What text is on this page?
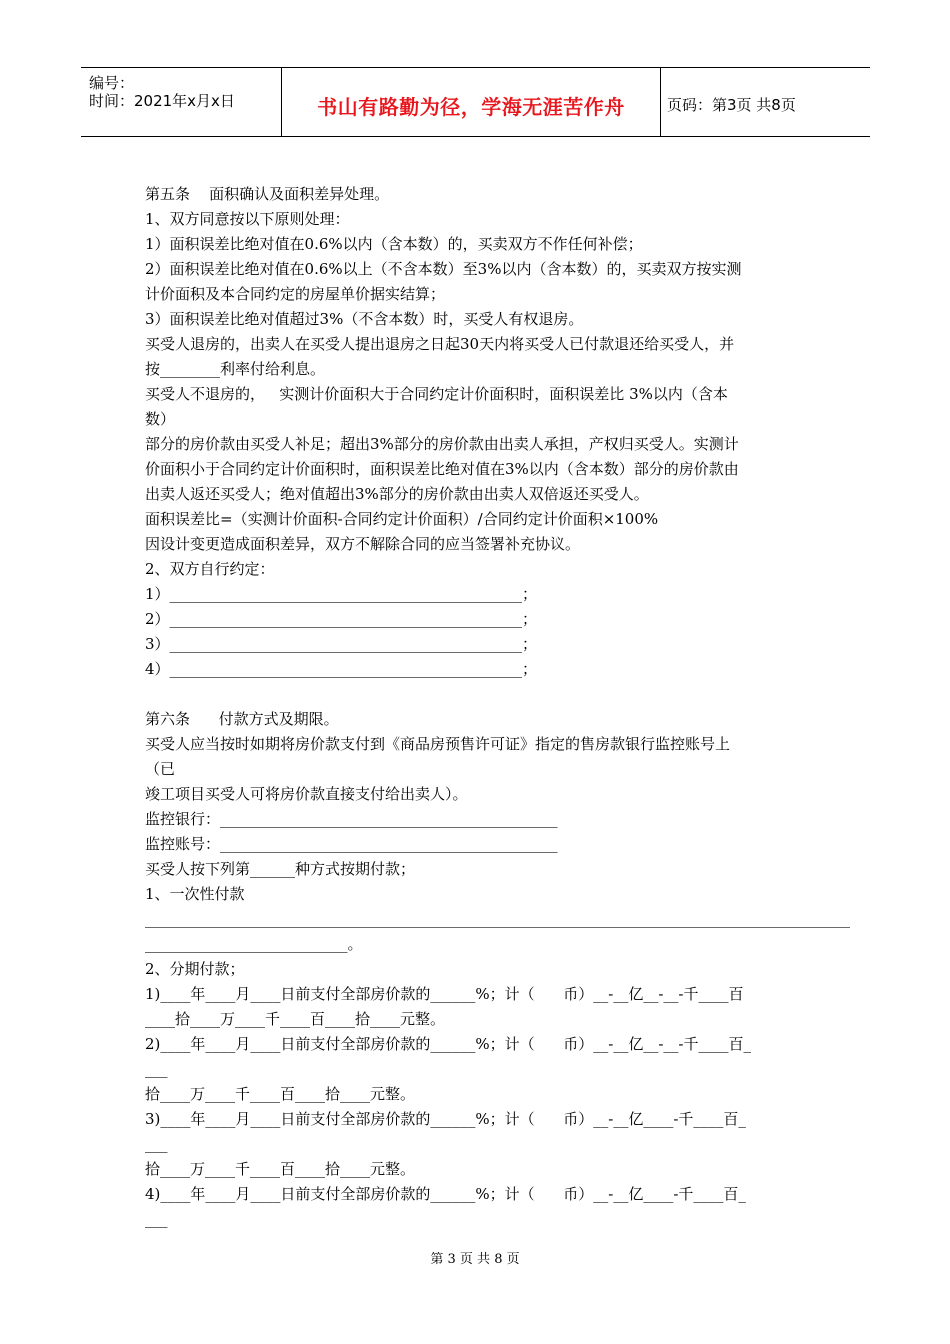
编号：
时间：2021年x月x日	书山有路勤为径，学海无涯苦作舟	页码：第3页 共8页
第五条    面积确认及面积差异处理。
1、双方同意按以下原则处理：
1）面积误差比绝对值在0.6%以内（含本数）的，买卖双方不作任何补偿；
2）面积误差比绝对值在0.6%以上（不含本数）至3%以内（含本数）的，买卖双方按实测
计价面积及本合同约定的房屋单价据实结算；
3）面积误差比绝对值超过3%（不含本数）时，买受人有权退房。
买受人退房的，出卖人在买受人提出退房之日起30天内将买受人已付款退还给买受人，并
按________利率付给利息。
买受人不退房的，   实测计价面积大于合同约定计价面积时，面积误差比 3%以内（含本
数）
部分的房价款由买受人补足；超出3%部分的房价款由出卖人承担，产权归买受人。实测计
价面积小于合同约定计价面积时，面积误差比绝对值在3%以内（含本数）部分的房价款由
出卖人返还买受人；绝对值超出3%部分的房价款由出卖人双倍返还买受人。
面积误差比=（实测计价面积-合同约定计价面积）/合同约定计价面积×100%
因设计变更造成面积差异，双方不解除合同的应当签署补充协议。
2、双方自行约定：
1）_______________________________________________；
2）_______________________________________________；
3）_______________________________________________；
4）_______________________________________________；
第六条      付款方式及期限。
买受人应当按时如期将房价款支付到《商品房预售许可证》指定的售房款银行监控账号上
（已
竣工项目买受人可将房价款直接支付给出卖人）。
监控银行：_____________________________________________
监控账号：_____________________________________________
买受人按下列第______种方式按期付款；
1、一次性付款
______________________________________________________________________________________________
___________________________。
2、分期付款；
1)____年____月____日前支付全部房价款的______%；计（      币）__-__亿__-__-千____百
____拾____万____千____百____拾____元整。
2)____年____月____日前支付全部房价款的______%；计（      币）__-__亿__-__-千____百_
___
拾____万____千____百____拾____元整。
3)____年____月____日前支付全部房价款的______%；计（      币）__-__亿____-千____百_
___
拾____万____千____百____拾____元整。
4)____年____月____日前支付全部房价款的______%；计（      币）__-__亿____-千____百_
___
第 3 页 共 8 页
